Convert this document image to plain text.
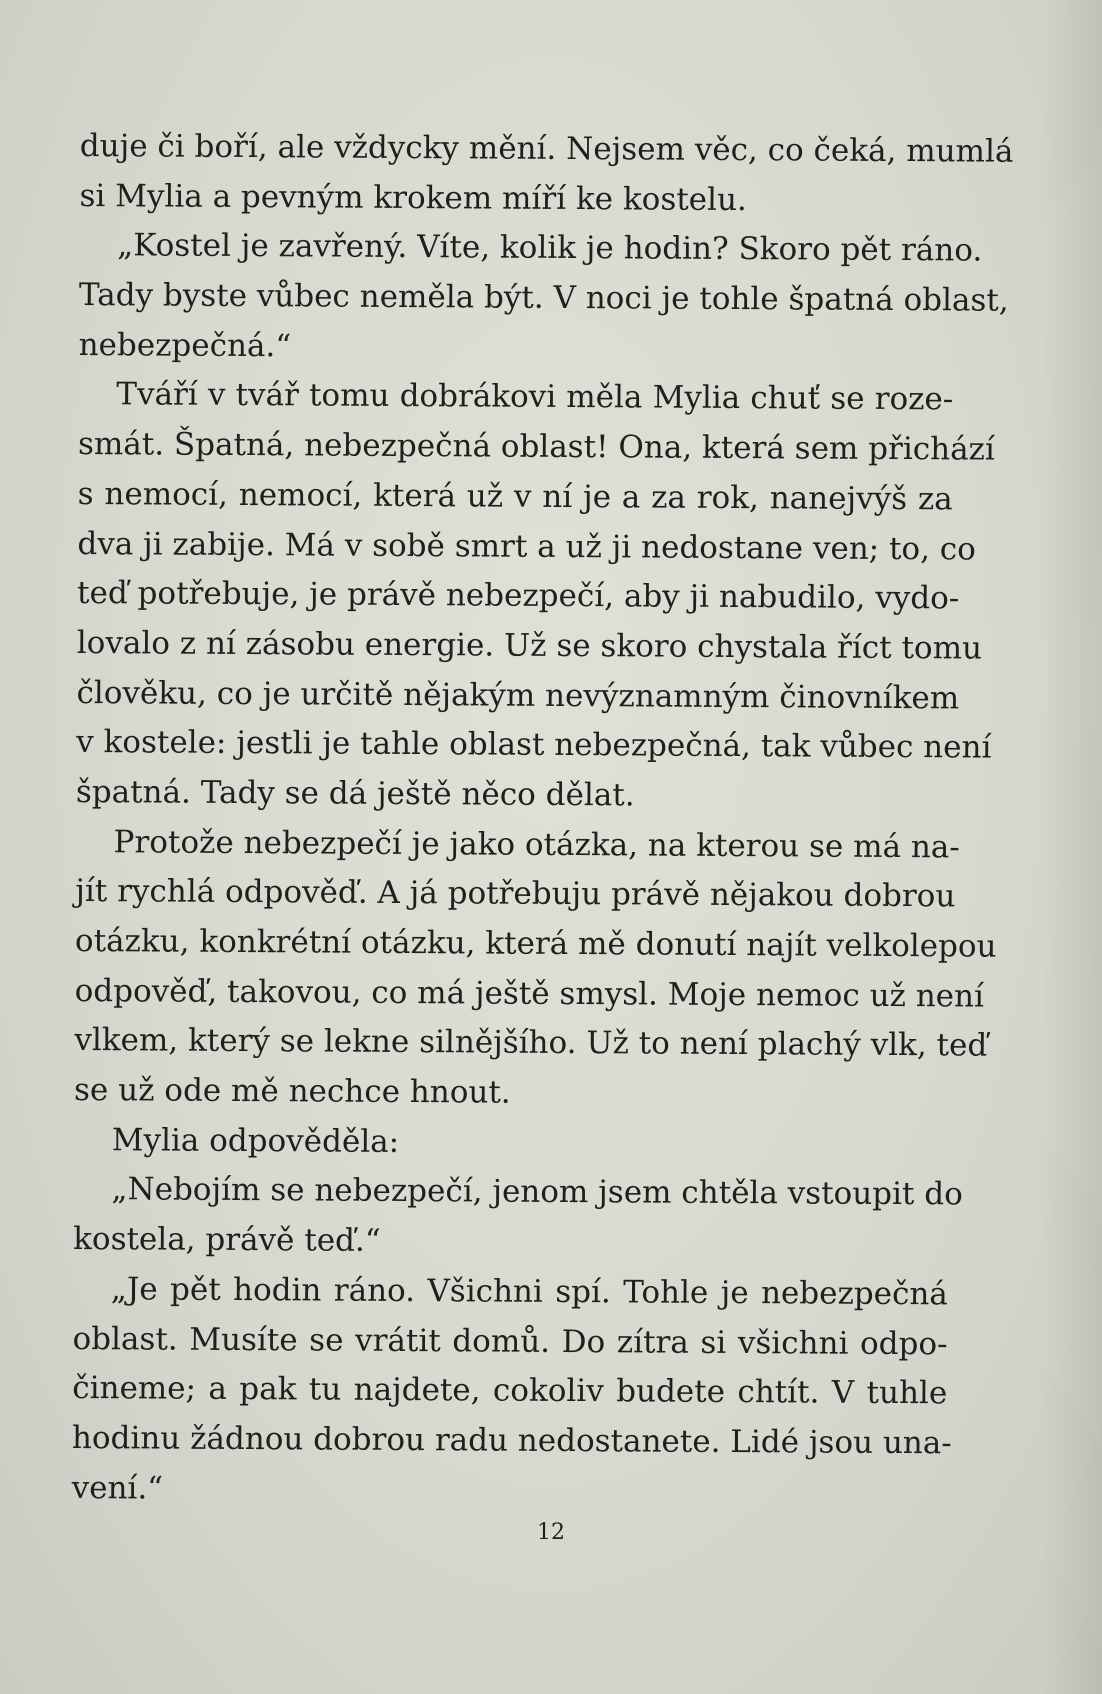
duje či boří, ale vždycky mění. Nejsem věc, co čeká, mumlá
si Mylia a pevným krokem míří ke kostelu.
„Kostel je zavřený. Víte, kolik je hodin? Skoro pět ráno.
Tady byste vůbec neměla být. V noci je tohle špatná oblast,
nebezpečná.“
Tváří v tvář tomu dobrákovi měla Mylia chuť se roze-
smát. Špatná, nebezpečná oblast! Ona, která sem přichází
s nemocí, nemocí, která už v ní je a za rok, nanejvýš za
dva ji zabije. Má v sobě smrt a už ji nedostane ven; to, co
teď potřebuje, je právě nebezpečí, aby ji nabudilo, vydo-
lovalo z ní zásobu energie. Už se skoro chystala říct tomu
člověku, co je určitě nějakým nevýznamným činovníkem
v kostele: jestli je tahle oblast nebezpečná, tak vůbec není
špatná. Tady se dá ještě něco dělat.
Protože nebezpečí je jako otázka, na kterou se má na-
jít rychlá odpověď. A já potřebuju právě nějakou dobrou
otázku, konkrétní otázku, která mě donutí najít velkolepou
odpověď, takovou, co má ještě smysl. Moje nemoc už není
vlkem, který se lekne silnějšího. Už to není plachý vlk, teď
se už ode mě nechce hnout.
Mylia odpověděla:
„Nebojím se nebezpečí, jenom jsem chtěla vstoupit do
kostela, právě teď.“
„Je pět hodin ráno. Všichni spí. Tohle je nebezpečná
oblast. Musíte se vrátit domů. Do zítra si všichni odpo-
čineme; a pak tu najdete, cokoliv budete chtít. V tuhle
hodinu žádnou dobrou radu nedostanete. Lidé jsou una-
vení.“
12
